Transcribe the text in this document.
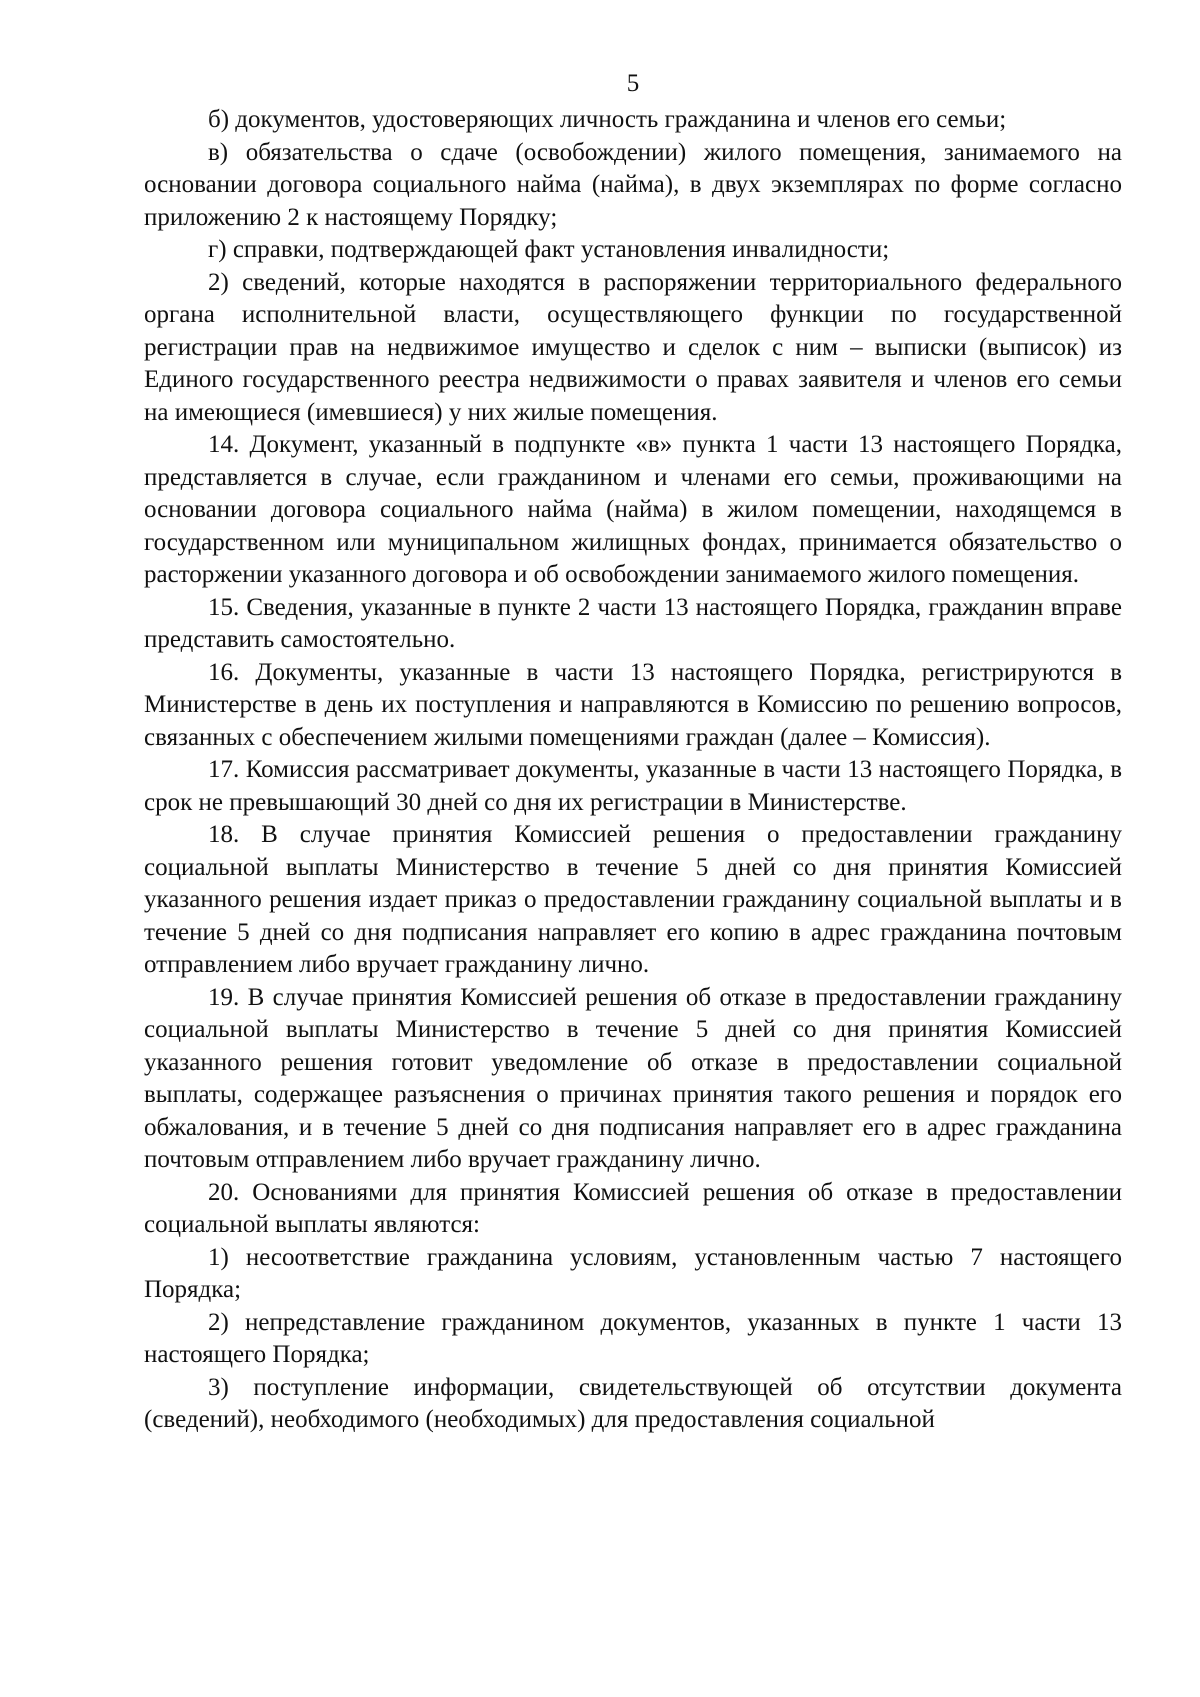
5

б) документов, удостоверяющих личность гражданина и членов его семьи;

в) обязательства о сдаче (освобождении) жилого помещения, занимаемого на основании договора социального найма (найма), в двух экземплярах по форме согласно приложению 2 к настоящему Порядку;

г) справки, подтверждающей факт установления инвалидности;

2) сведений, которые находятся в распоряжении территориального федерального органа исполнительной власти, осуществляющего функции по государственной регистрации прав на недвижимое имущество и сделок с ним – выписки (выписок) из Единого государственного реестра недвижимости о правах заявителя и членов его семьи на имеющиеся (имевшиеся) у них жилые помещения.

14. Документ, указанный в подпункте «в» пункта 1 части 13 настоящего Порядка, представляется в случае, если гражданином и членами его семьи, проживающими на основании договора социального найма (найма) в жилом помещении, находящемся в государственном или муниципальном жилищных фондах, принимается обязательство о расторжении указанного договора и об освобождении занимаемого жилого помещения.

15. Сведения, указанные в пункте 2 части 13 настоящего Порядка, гражданин вправе представить самостоятельно.

16. Документы, указанные в части 13 настоящего Порядка, регистрируются в Министерстве в день их поступления и направляются в Комиссию по решению вопросов, связанных с обеспечением жилыми помещениями граждан (далее – Комиссия).

17. Комиссия рассматривает документы, указанные в части 13 настоящего Порядка, в срок не превышающий 30 дней со дня их регистрации в Министерстве.

18. В случае принятия Комиссией решения о предоставлении гражданину социальной выплаты Министерство в течение 5 дней со дня принятия Комиссией указанного решения издает приказ о предоставлении гражданину социальной выплаты и в течение 5 дней со дня подписания направляет его копию в адрес гражданина почтовым отправлением либо вручает гражданину лично.

19. В случае принятия Комиссией решения об отказе в предоставлении гражданину социальной выплаты Министерство в течение 5 дней со дня принятия Комиссией указанного решения готовит уведомление об отказе в предоставлении социальной выплаты, содержащее разъяснения о причинах принятия такого решения и порядок его обжалования, и в течение 5 дней со дня подписания направляет его в адрес гражданина почтовым отправлением либо вручает гражданину лично.

20. Основаниями для принятия Комиссией решения об отказе в предоставлении социальной выплаты являются:

1) несоответствие гражданина условиям, установленным частью 7 настоящего Порядка;

2) непредставление гражданином документов, указанных в пункте 1 части 13 настоящего Порядка;

3) поступление информации, свидетельствующей об отсутствии документа (сведений), необходимого (необходимых) для предоставления социальной
